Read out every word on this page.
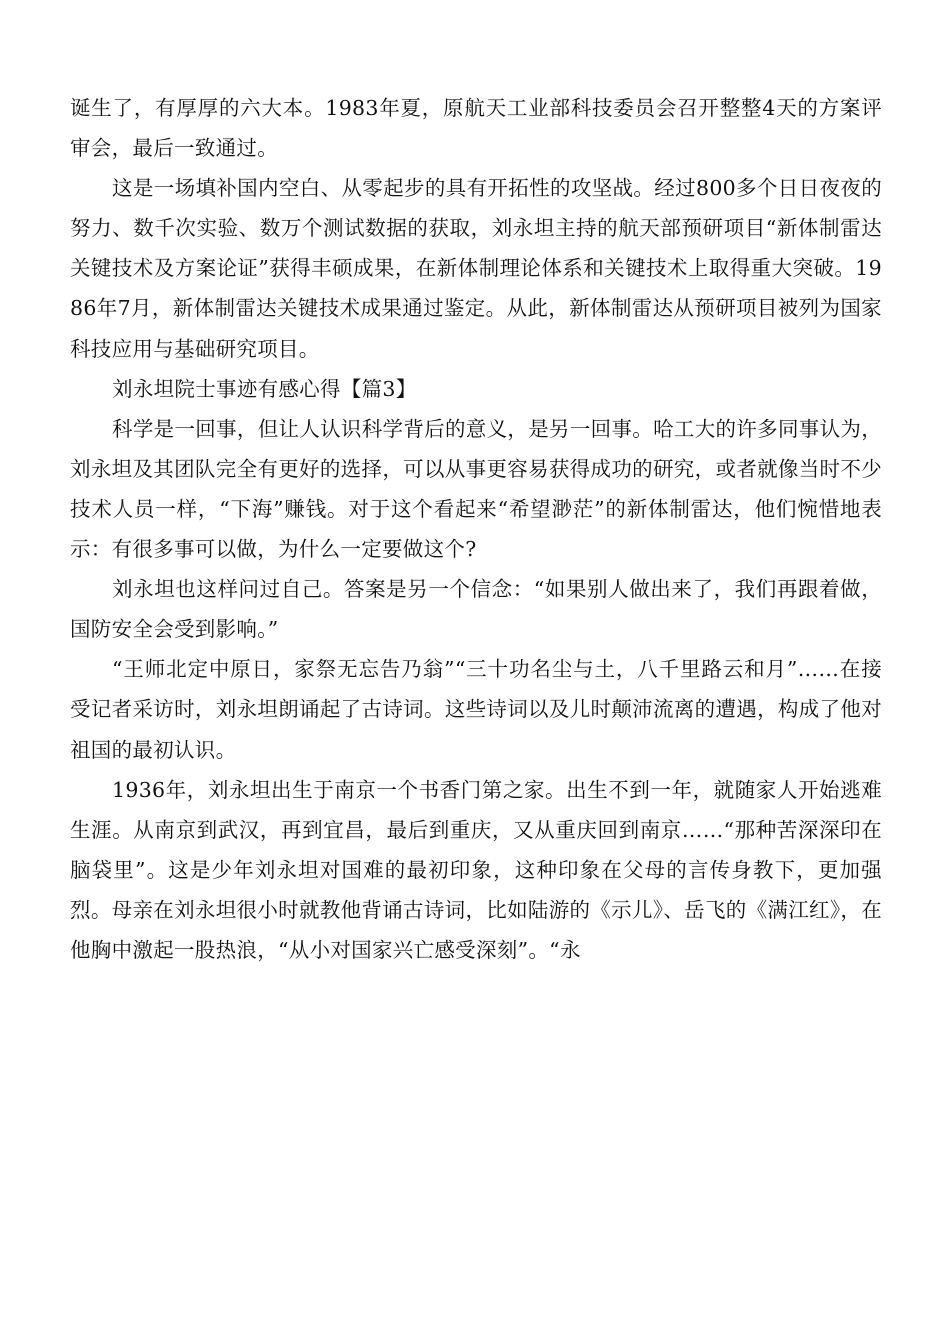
诞生了，有厚厚的六大本。1983年夏，原航天工业部科技委员会召开整整4天的方案评审会，最后一致通过。

这是一场填补国内空白、从零起步的具有开拓性的攻坚战。经过800多个日日夜夜的努力、数千次实验、数万个测试数据的获取，刘永坦主持的航天部预研项目“新体制雷达关键技术及方案论证”获得丰硕成果，在新体制理论体系和关键技术上取得重大突破。1986年7月，新体制雷达关键技术成果通过鉴定。从此，新体制雷达从预研项目被列为国家科技应用与基础研究项目。

刘永坦院士事迹有感心得【篇3】

科学是一回事，但让人认识科学背后的意义，是另一回事。哈工大的许多同事认为，刘永坦及其团队完全有更好的选择，可以从事更容易获得成功的研究，或者就像当时不少技术人员一样，“下海”赚钱。对于这个看起来“希望渺茫”的新体制雷达，他们惋惜地表示：有很多事可以做，为什么一定要做这个?

刘永坦也这样问过自己。答案是另一个信念：“如果别人做出来了，我们再跟着做，国防安全会受到影响。”

“王师北定中原日，家祭无忘告乃翁”“三十功名尘与土，八千里路云和月”……在接受记者采访时，刘永坦朗诵起了古诗词。这些诗词以及儿时颠沛流离的遭遇，构成了他对祖国的最初认识。

1936年，刘永坦出生于南京一个书香门第之家。出生不到一年，就随家人开始逃难生涯。从南京到武汉，再到宜昌，最后到重庆，又从重庆回到南京……“那种苦深深印在脑袋里”。这是少年刘永坦对国难的最初印象，这种印象在父母的言传身教下，更加强烈。母亲在刘永坦很小时就教他背诵古诗词，比如陆游的《示儿》、岳飞的《满江红》，在他胸中激起一股热浪，“从小对国家兴亡感受深刻”。“永
